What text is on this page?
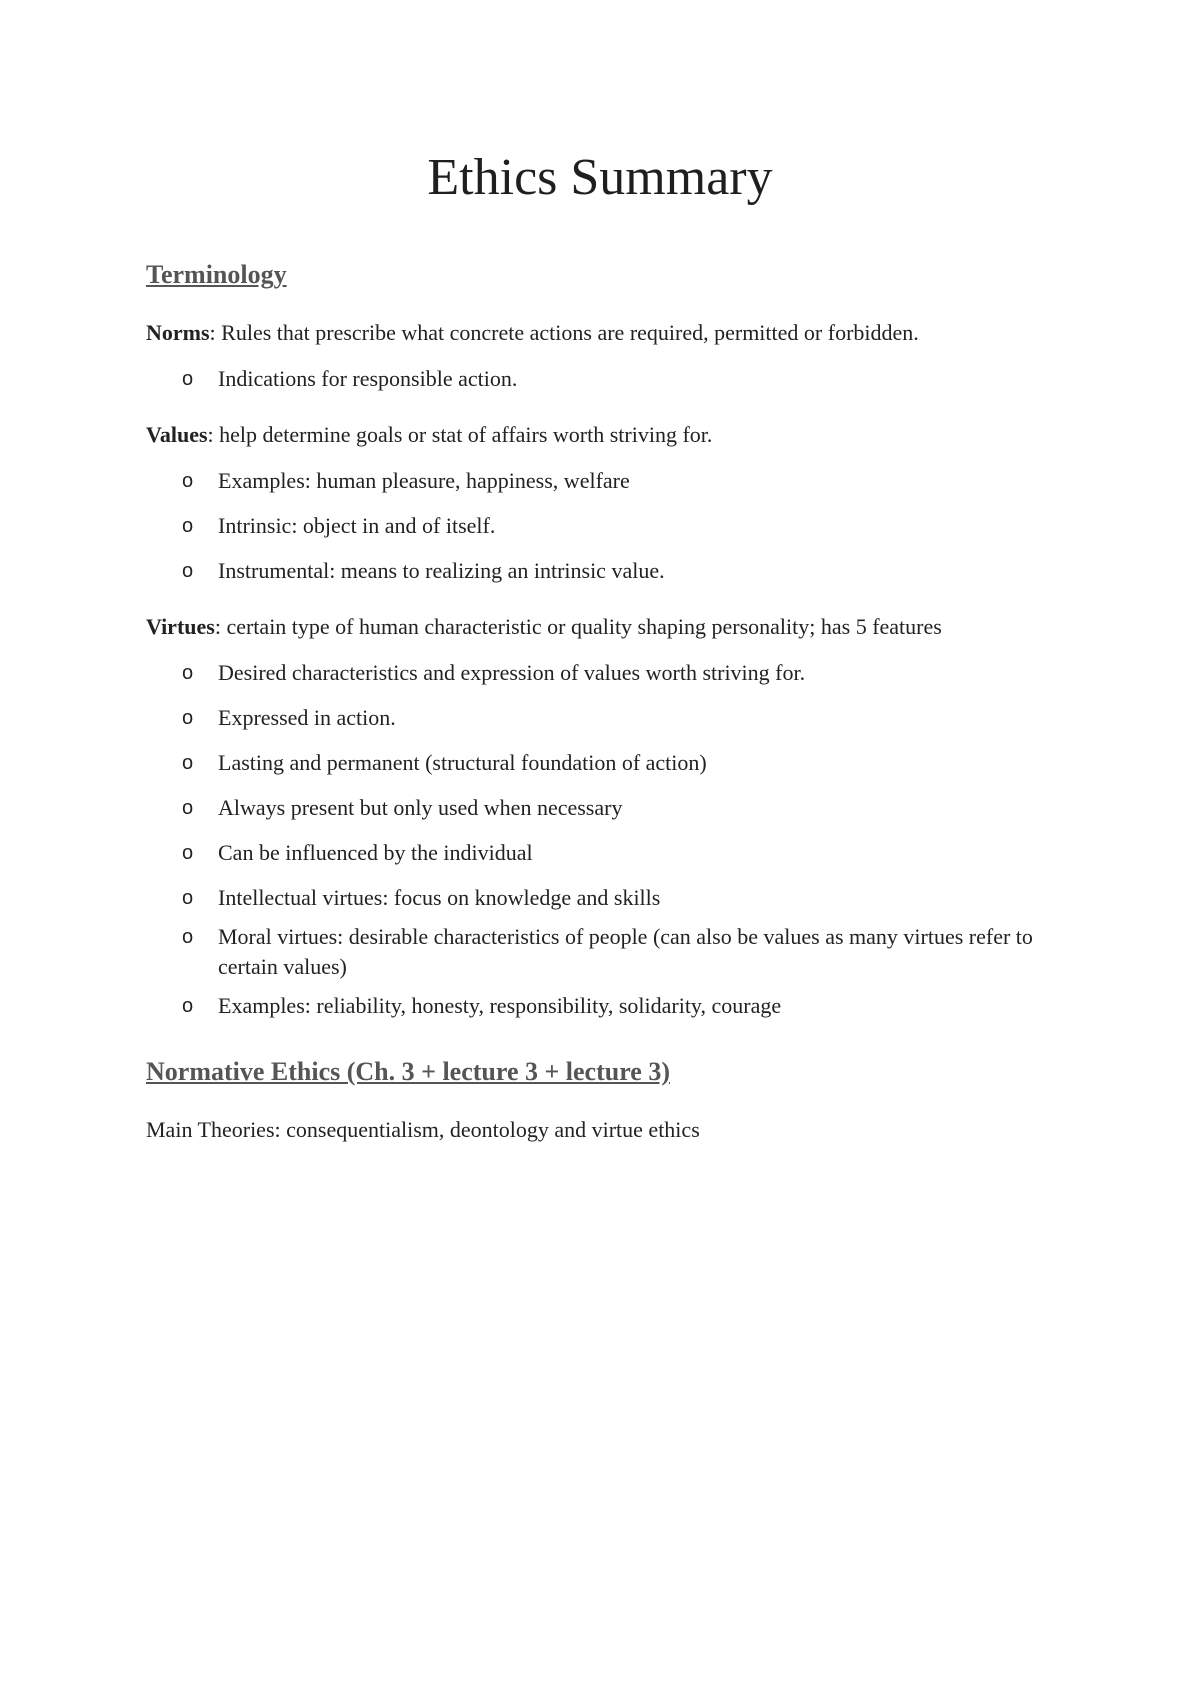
Ethics Summary
Terminology

Norms: Rules that prescribe what concrete actions are required, permitted or forbidden.

o Indications for responsible action.

Values: help determine goals or stat of affairs worth striving for.

o Examples: human pleasure, happiness, welfare
o Intrinsic: object in and of itself.
o Instrumental: means to realizing an intrinsic value.

Virtues: certain type of human characteristic or quality shaping personality; has 5 features

o Desired characteristics and expression of values worth striving for.
o Expressed in action.
o Lasting and permanent (structural foundation of action)
o Always present but only used when necessary
o Can be influenced by the individual
o Intellectual virtues: focus on knowledge and skills
o Moral virtues: desirable characteristics of people (can also be values as many virtues refer to certain values)
o Examples: reliability, honesty, responsibility, solidarity, courage
Normative Ethics (Ch. 3 + lecture 3 + lecture 3)

Main Theories: consequentialism, deontology and virtue ethics
